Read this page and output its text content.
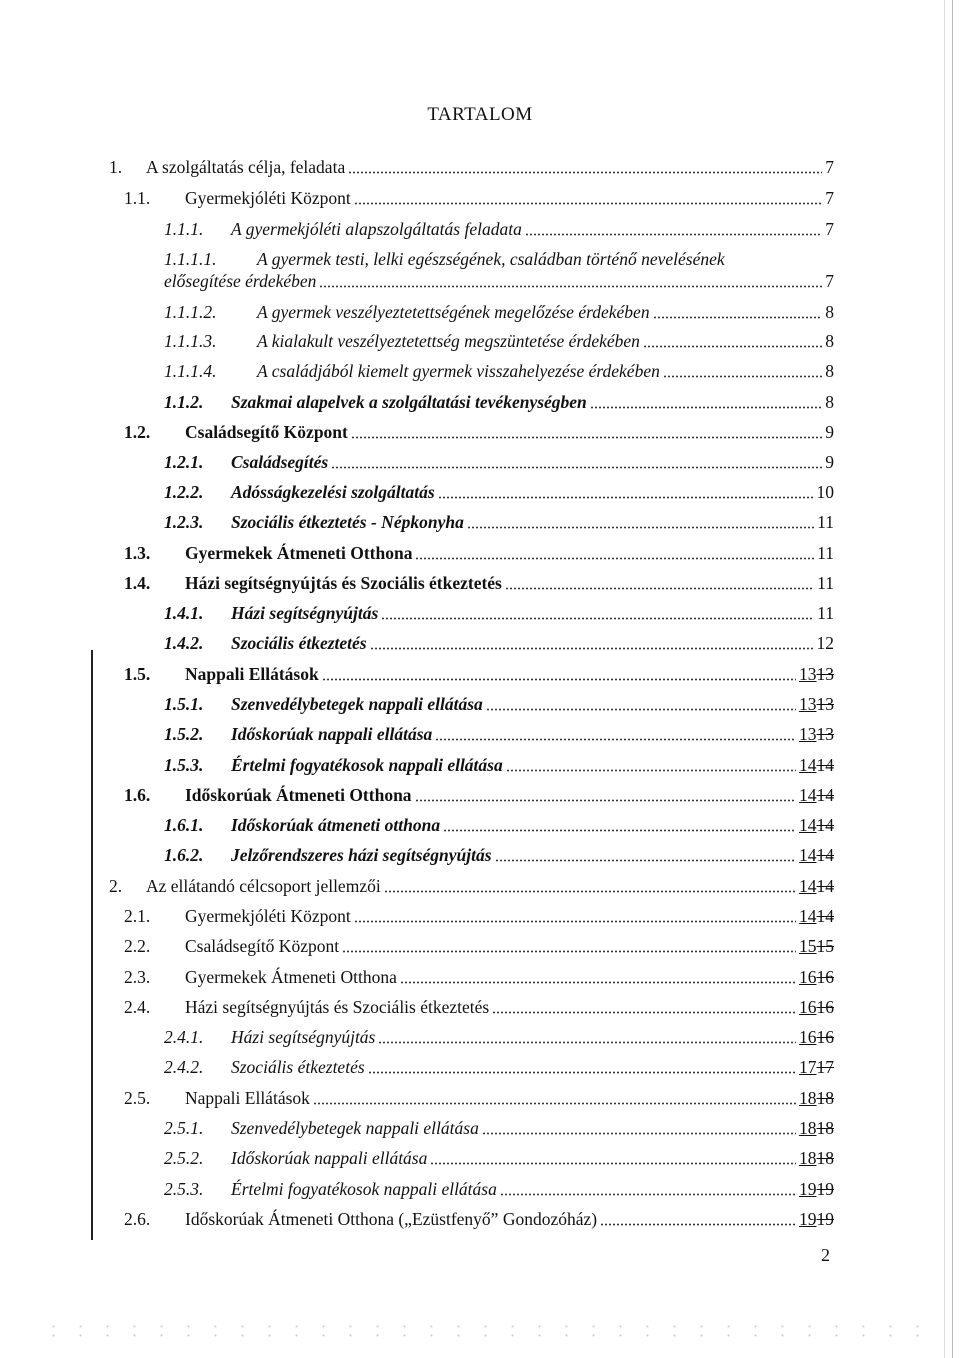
TARTALOM
1.	A szolgáltatás célja, feladata	7
1.1.	Gyermekjóléti Központ	7
1.1.1.	A gyermekjóléti alapszolgáltatás feladata	7
1.1.1.1.	A gyermek testi, lelki egészségének, családban történő nevelésének
elősegítése érdekében	7
1.1.1.2.	A gyermek veszélyeztetettségének megelőzése érdekében	8
1.1.1.3.	A kialakult veszélyeztetettség megszüntetése érdekében	8
1.1.1.4.	A családjából kiemelt gyermek visszahelyezése érdekében	8
1.1.2.	Szakmai alapelvek a szolgáltatási tevékenységben	8
1.2.	Családsegítő Központ	9
1.2.1.	Családsegítés	9
1.2.2.	Adósságkezelési szolgáltatás	10
1.2.3.	Szociális étkeztetés - Népkonyha	11
1.3.	Gyermekek Átmeneti Otthona	11
1.4.	Házi segítségnyújtás és Szociális étkeztetés	11
1.4.1.	Házi segítségnyújtás	11
1.4.2.	Szociális étkeztetés	12
1.5.	Nappali Ellátások	1313
1.5.1.	Szenvedélybetegek nappali ellátása	1313
1.5.2.	Időskorúak nappali ellátása	1313
1.5.3.	Értelmi fogyatékosok nappali ellátása	1414
1.6.	Időskorúak Átmeneti Otthona	1414
1.6.1.	Időskorúak átmeneti otthona	1414
1.6.2.	Jelzőrendszeres házi segítségnyújtás	1414
2.	Az ellátandó célcsoport jellemzői	1414
2.1.	Gyermekjóléti Központ	1414
2.2.	Családsegítő Központ	1515
2.3.	Gyermekek Átmeneti Otthona	1616
2.4.	Házi segítségnyújtás és Szociális étkeztetés	1616
2.4.1.	Házi segítségnyújtás	1616
2.4.2.	Szociális étkeztetés	1717
2.5.	Nappali Ellátások	1818
2.5.1.	Szenvedélybetegek nappali ellátása	1818
2.5.2.	Időskorúak nappali ellátása	1818
2.5.3.	Értelmi fogyatékosok nappali ellátása	1919
2.6.	Időskorúak Átmeneti Otthona („Ezüstfenyő” Gondozóház)	1919
2
